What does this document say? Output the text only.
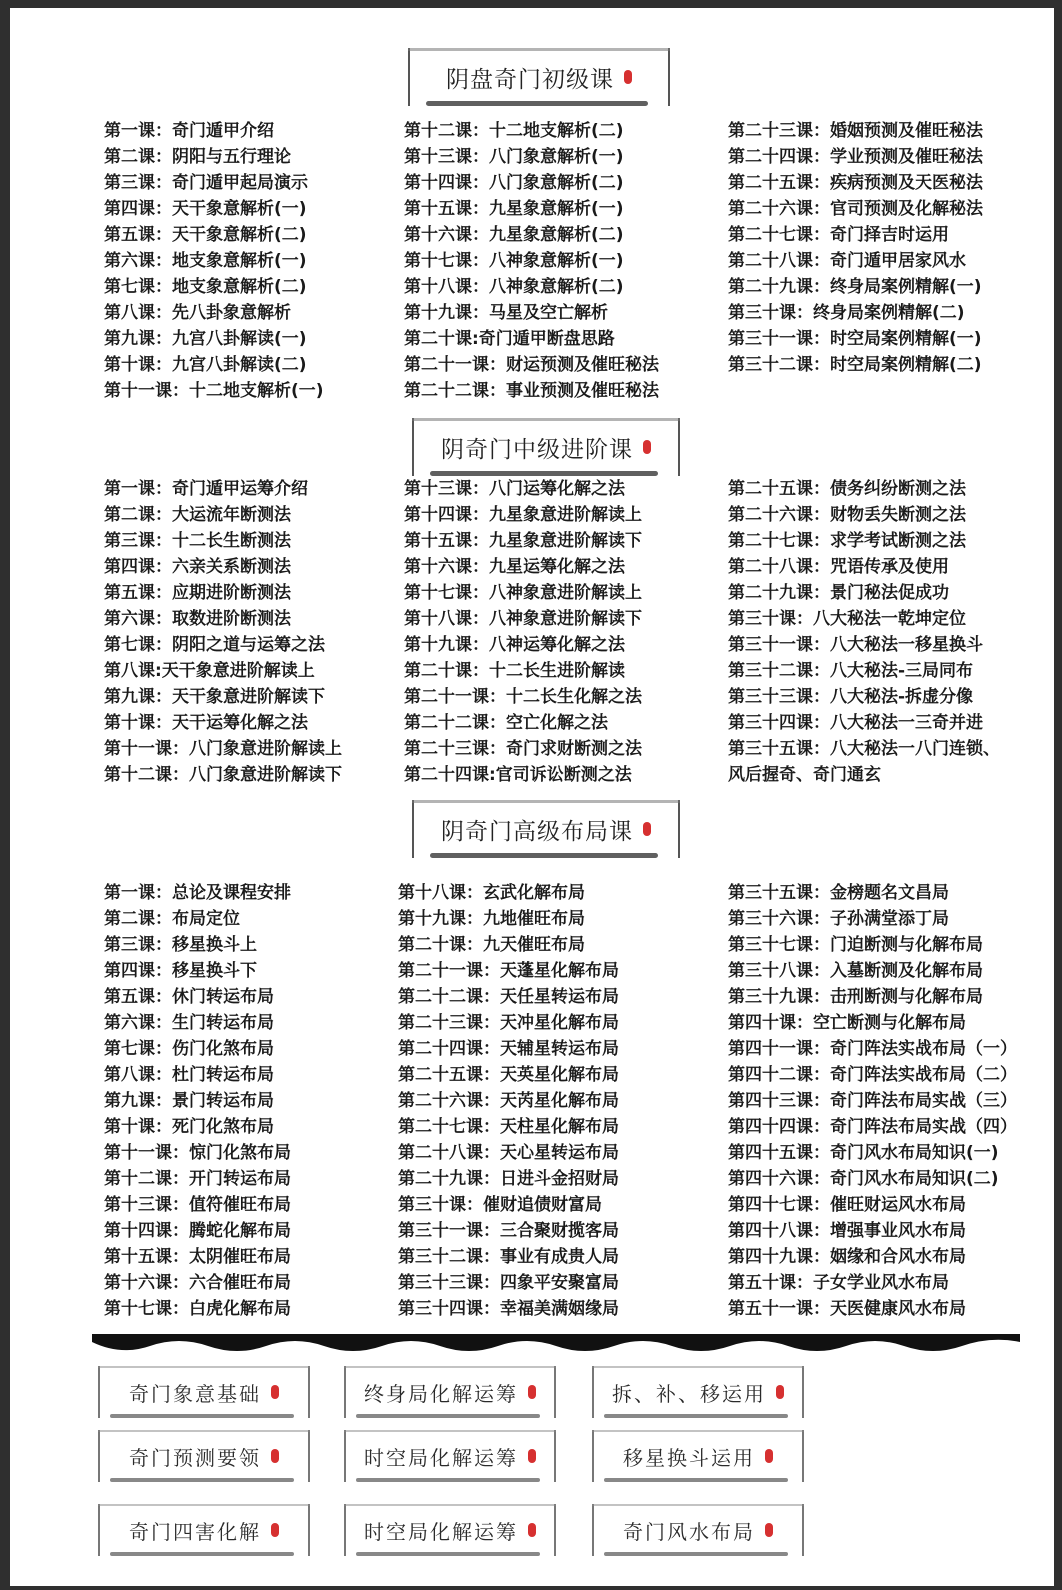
阴盘奇门初级课
第一课：奇门遁甲介绍
第二课：阴阳与五行理论
第三课：奇门遁甲起局演示
第四课：天干象意解析(一)
第五课：天干象意解析(二)
第六课：地支象意解析(一)
第七课：地支象意解析(二)
第八课：先八卦象意解析
第九课：九宫八卦解读(一)
第十课：九宫八卦解读(二)
第十一课：十二地支解析(一)
第十二课：十二地支解析(二)
第十三课：八门象意解析(一)
第十四课：八门象意解析(二)
第十五课：九星象意解析(一)
第十六课：九星象意解析(二)
第十七课：八神象意解析(一)
第十八课：八神象意解析(二)
第十九课：马星及空亡解析
第二十课:奇门遁甲断盘思路
第二十一课：财运预测及催旺秘法
第二十二课：事业预测及催旺秘法
第二十三课：婚姻预测及催旺秘法
第二十四课：学业预测及催旺秘法
第二十五课：疾病预测及天医秘法
第二十六课：官司预测及化解秘法
第二十七课：奇门择吉时运用
第二十八课：奇门遁甲居家风水
第二十九课：终身局案例精解(一)
第三十课：终身局案例精解(二)
第三十一课：时空局案例精解(一)
第三十二课：时空局案例精解(二)
阴奇门中级进阶课
第一课：奇门遁甲运筹介绍
第二课：大运流年断测法
第三课：十二长生断测法
第四课：六亲关系断测法
第五课：应期进阶断测法
第六课：取数进阶断测法
第七课：阴阳之道与运筹之法
第八课:天干象意进阶解读上
第九课：天干象意进阶解读下
第十课：天干运筹化解之法
第十一课：八门象意进阶解读上
第十二课：八门象意进阶解读下
第十三课：八门运筹化解之法
第十四课：九星象意进阶解读上
第十五课：九星象意进阶解读下
第十六课：九星运筹化解之法
第十七课：八神象意进阶解读上
第十八课：八神象意进阶解读下
第十九课：八神运筹化解之法
第二十课：十二长生进阶解读
第二十一课：十二长生化解之法
第二十二课：空亡化解之法
第二十三课：奇门求财断测之法
第二十四课:官司诉讼断测之法
第二十五课：债务纠纷断测之法
第二十六课：财物丢失断测之法
第二十七课：求学考试断测之法
第二十八课：咒语传承及使用
第二十九课：景门秘法促成功
第三十课：八大秘法一乾坤定位
第三十一课：八大秘法一移星换斗
第三十二课：八大秘法-三局同布
第三十三课：八大秘法-拆虚分像
第三十四课：八大秘法一三奇并进
第三十五课：八大秘法一八门连锁、
风后握奇、奇门通玄
阴奇门高级布局课
第一课：总论及课程安排
第二课：布局定位
第三课：移星换斗上
第四课：移星换斗下
第五课：休门转运布局
第六课：生门转运布局
第七课：伤门化煞布局
第八课：杜门转运布局
第九课：景门转运布局
第十课：死门化煞布局
第十一课：惊门化煞布局
第十二课：开门转运布局
第十三课：值符催旺布局
第十四课：腾蛇化解布局
第十五课：太阴催旺布局
第十六课：六合催旺布局
第十七课：白虎化解布局
第十八课：玄武化解布局
第十九课：九地催旺布局
第二十课：九天催旺布局
第二十一课：天蓬星化解布局
第二十二课：天任星转运布局
第二十三课：天冲星化解布局
第二十四课：天辅星转运布局
第二十五课：天英星化解布局
第二十六课：天芮星化解布局
第二十七课：天柱星化解布局
第二十八课：天心星转运布局
第二十九课：日进斗金招财局
第三十课：催财追债财富局
第三十一课：三合聚财揽客局
第三十二课：事业有成贵人局
第三十三课：四象平安聚富局
第三十四课：幸福美满姻缘局
第三十五课：金榜题名文昌局
第三十六课：子孙满堂添丁局
第三十七课：门迫断测与化解布局
第三十八课：入墓断测及化解布局
第三十九课：击刑断测与化解布局
第四十课：空亡断测与化解布局
第四十一课：奇门阵法实战布局（一）
第四十二课：奇门阵法实战布局（二）
第四十三课：奇门阵法布局实战（三）
第四十四课：奇门阵法布局实战（四）
第四十五课：奇门风水布局知识(一)
第四十六课：奇门风水布局知识(二)
第四十七课：催旺财运风水布局
第四十八课：增强事业风水布局
第四十九课：姻缘和合风水布局
第五十课：子女学业风水布局
第五十一课：天医健康风水布局
奇门象意基础	终身局化解运筹	拆、补、移运用
奇门预测要领	时空局化解运筹	移星换斗运用
奇门四害化解	时空局化解运筹	奇门风水布局
